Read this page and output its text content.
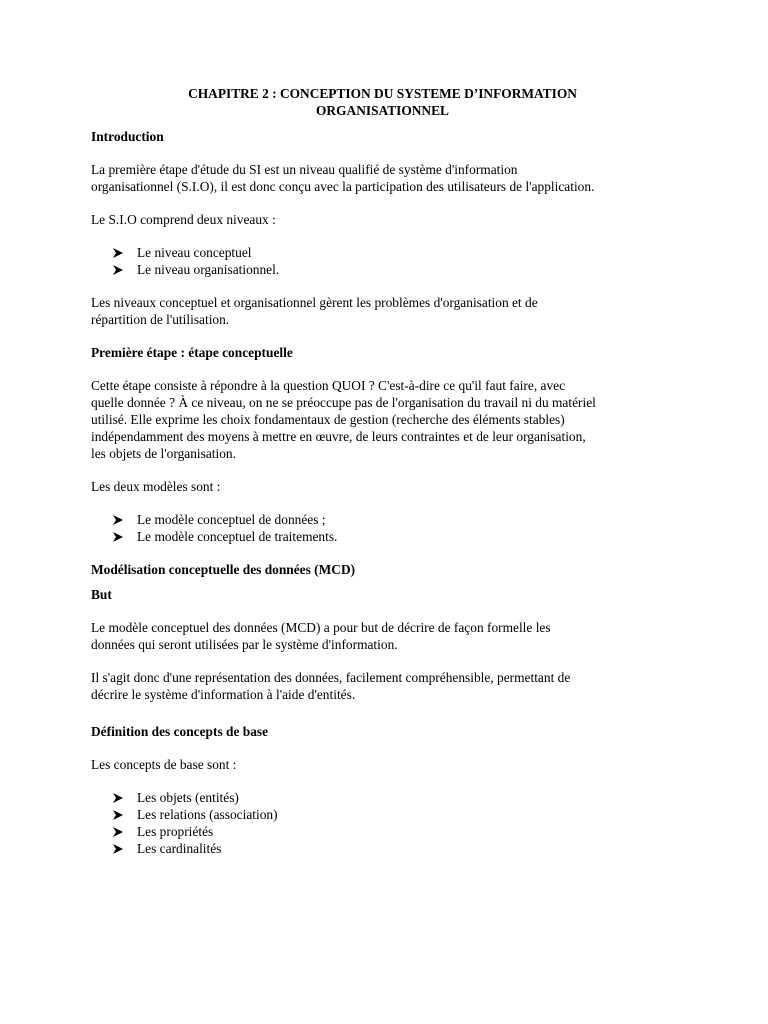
CHAPITRE 2 : CONCEPTION DU SYSTEME D’INFORMATION
ORGANISATIONNEL
Introduction

La première étape d'étude du SI est un niveau qualifié de système d'information
organisationnel (S.I.O), il est donc conçu avec la participation des utilisateurs de l'application.

Le S.I.O comprend deux niveaux :

Le niveau conceptuel
Le niveau organisationnel.

Les niveaux conceptuel et organisationnel gèrent les problèmes d'organisation et de
répartition de l'utilisation.

Première étape : étape conceptuelle

Cette étape consiste à répondre à la question QUOI ? C'est-à-dire ce qu'il faut faire, avec
quelle donnée ? À ce niveau, on ne se préoccupe pas de l'organisation du travail ni du matériel
utilisé. Elle exprime les choix fondamentaux de gestion (recherche des éléments stables)
indépendamment des moyens à mettre en œuvre, de leurs contraintes et de leur organisation,
les objets de l'organisation.

Les deux modèles sont :

Le modèle conceptuel de données ;
Le modèle conceptuel de traitements.
Modélisation conceptuelle des données (MCD)
But

Le modèle conceptuel des données (MCD) a pour but de décrire de façon formelle les
données qui seront utilisées par le système d'information.

Il s'agit donc d'une représentation des données, facilement compréhensible, permettant de
décrire le système d'information à l'aide d'entités.

Définition des concepts de base

Les concepts de base sont :

Les objets (entités)
Les relations (association)
Les propriétés
Les cardinalités
